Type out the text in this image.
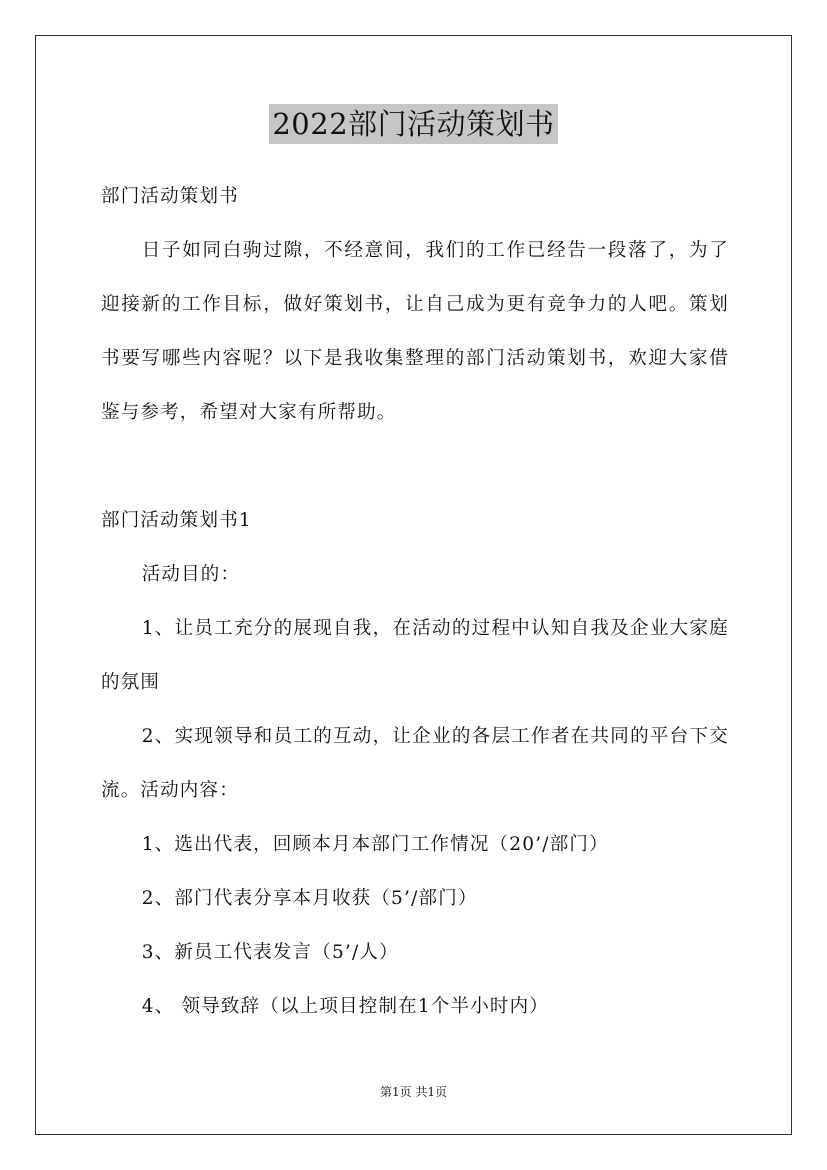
2022部门活动策划书

部门活动策划书

日子如同白驹过隙，不经意间，我们的工作已经告一段落了，为了迎接新的工作目标，做好策划书，让自己成为更有竞争力的人吧。策划书要写哪些内容呢？以下是我收集整理的部门活动策划书，欢迎大家借鉴与参考，希望对大家有所帮助。

部门活动策划书1

活动目的：

1、让员工充分的展现自我，在活动的过程中认知自我及企业大家庭的氛围

2、实现领导和员工的互动，让企业的各层工作者在共同的平台下交流。活动内容：

1、选出代表，回顾本月本部门工作情况（20’/部门）

2、部门代表分享本月收获（5’/部门）

3、新员工代表发言（5’/人）

4、 领导致辞（以上项目控制在1个半小时内）

第1页 共1页
